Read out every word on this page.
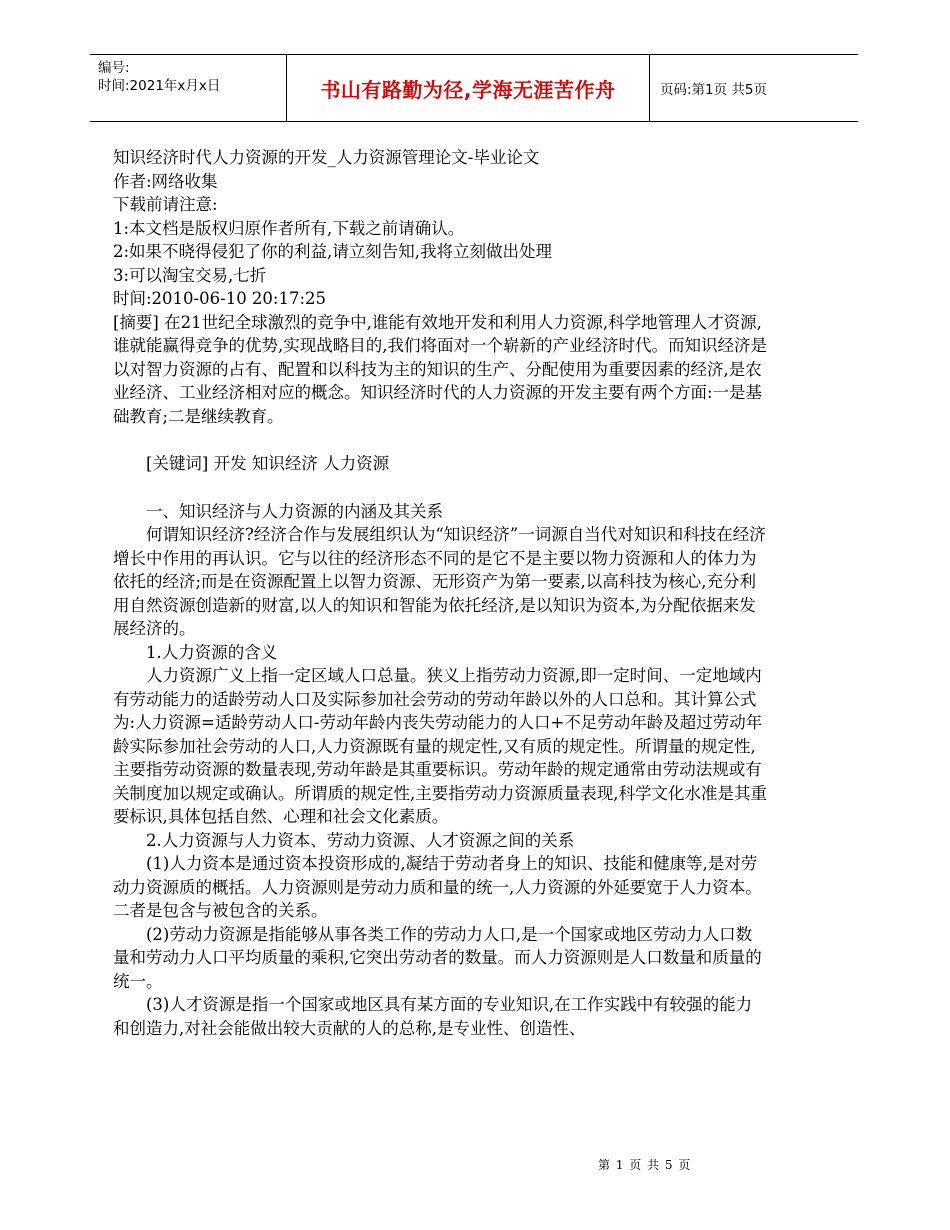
编号:
时间:2021年x月x日	书山有路勤为径,学海无涯苦作舟	页码:第1页 共5页

知识经济时代人力资源的开发_人力资源管理论文-毕业论文

作者:网络收集

下载前请注意:

1:本文档是版权归原作者所有,下载之前请确认。

2:如果不晓得侵犯了你的利益,请立刻告知,我将立刻做出处理

3:可以淘宝交易,七折

时间:2010-06-10 20:17:25

[摘要] 在21世纪全球激烈的竞争中,谁能有效地开发和利用人力资源,科学地管理人才资源,谁就能赢得竞争的优势,实现战略目的,我们将面对一个崭新的产业经济时代。而知识经济是以对智力资源的占有、配置和以科技为主的知识的生产、分配使用为重要因素的经济,是农业经济、工业经济相对应的概念。知识经济时代的人力资源的开发主要有两个方面:一是基础教育;二是继续教育。

[关键词] 开发 知识经济 人力资源

一、知识经济与人力资源的内涵及其关系

何谓知识经济?经济合作与发展组织认为“知识经济”一词源自当代对知识和科技在经济增长中作用的再认识。它与以往的经济形态不同的是它不是主要以物力资源和人的体力为依托的经济;而是在资源配置上以智力资源、无形资产为第一要素,以高科技为核心,充分利用自然资源创造新的财富,以人的知识和智能为依托经济,是以知识为资本,为分配依据来发展经济的。

1.人力资源的含义

人力资源广义上指一定区域人口总量。狭义上指劳动力资源,即一定时间、一定地域内有劳动能力的适龄劳动人口及实际参加社会劳动的劳动年龄以外的人口总和。其计算公式为:人力资源=适龄劳动人口-劳动年龄内丧失劳动能力的人口+不足劳动年龄及超过劳动年龄实际参加社会劳动的人口,人力资源既有量的规定性,又有质的规定性。所谓量的规定性,主要指劳动资源的数量表现,劳动年龄是其重要标识。劳动年龄的规定通常由劳动法规或有关制度加以规定或确认。所谓质的规定性,主要指劳动力资源质量表现,科学文化水准是其重要标识,具体包括自然、心理和社会文化素质。

2.人力资源与人力资本、劳动力资源、人才资源之间的关系

(1)人力资本是通过资本投资形成的,凝结于劳动者身上的知识、技能和健康等,是对劳动力资源质的概括。人力资源则是劳动力质和量的统一,人力资源的外延要宽于人力资本。二者是包含与被包含的关系。

(2)劳动力资源是指能够从事各类工作的劳动力人口,是一个国家或地区劳动力人口数量和劳动力人口平均质量的乘积,它突出劳动者的数量。而人力资源则是人口数量和质量的统一。

(3)人才资源是指一个国家或地区具有某方面的专业知识,在工作实践中有较强的能力和创造力,对社会能做出较大贡献的人的总称,是专业性、创造性、

第 1 页 共 5 页
